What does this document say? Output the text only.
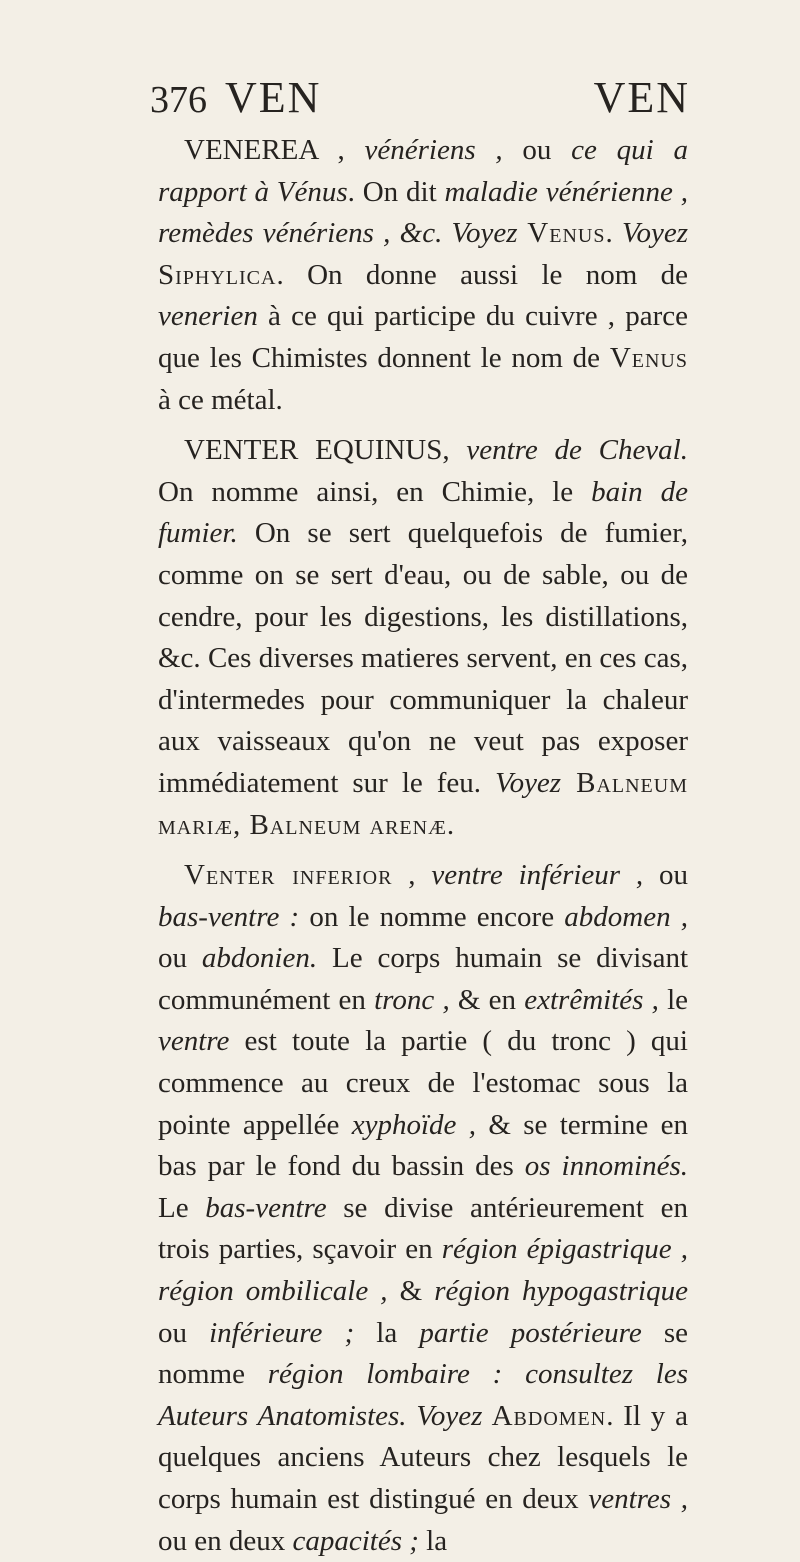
376 VEN	VEN

VENEREA , vénériens , ou ce qui a rapport à Vénus. On dit maladie vénérienne , remèdes vénériens , &c. Voyez Venus. Voyez Siphylica. On donne aussi le nom de venerien à ce qui participe du cuivre , parce que les Chimistes donnent le nom de Venus à ce métal.

VENTER EQUINUS, ventre de Cheval. On nomme ainsi, en Chimie, le bain de fumier. On se sert quelquefois de fumier, comme on se sert d'eau, ou de sable, ou de cendre, pour les digestions, les distillations, &c. Ces diverses matieres servent, en ces cas, d'intermedes pour communiquer la chaleur aux vaisseaux qu'on ne veut pas exposer immédiatement sur le feu. Voyez Balneum mariæ, Balneum arenæ.

Venter inferior , ventre inférieur , ou bas-ventre : on le nomme encore abdomen , ou abdonien. Le corps humain se divisant communément en tronc , & en extrêmités , le ventre est toute la partie ( du tronc ) qui commence au creux de l'estomac sous la pointe appellée xyphoïde , & se termine en bas par le fond du bassin des os innominés. Le bas-ventre se divise antérieurement en trois parties, sçavoir en région épigastrique , région ombilicale , & région hypogastrique ou inférieure ; la partie postérieure se nomme région lombaire : consultez les Auteurs Anatomistes. Voyez Abdomen. Il y a quelques anciens Auteurs chez lesquels le corps humain est distingué en deux ventres , ou en deux capacités ; la
